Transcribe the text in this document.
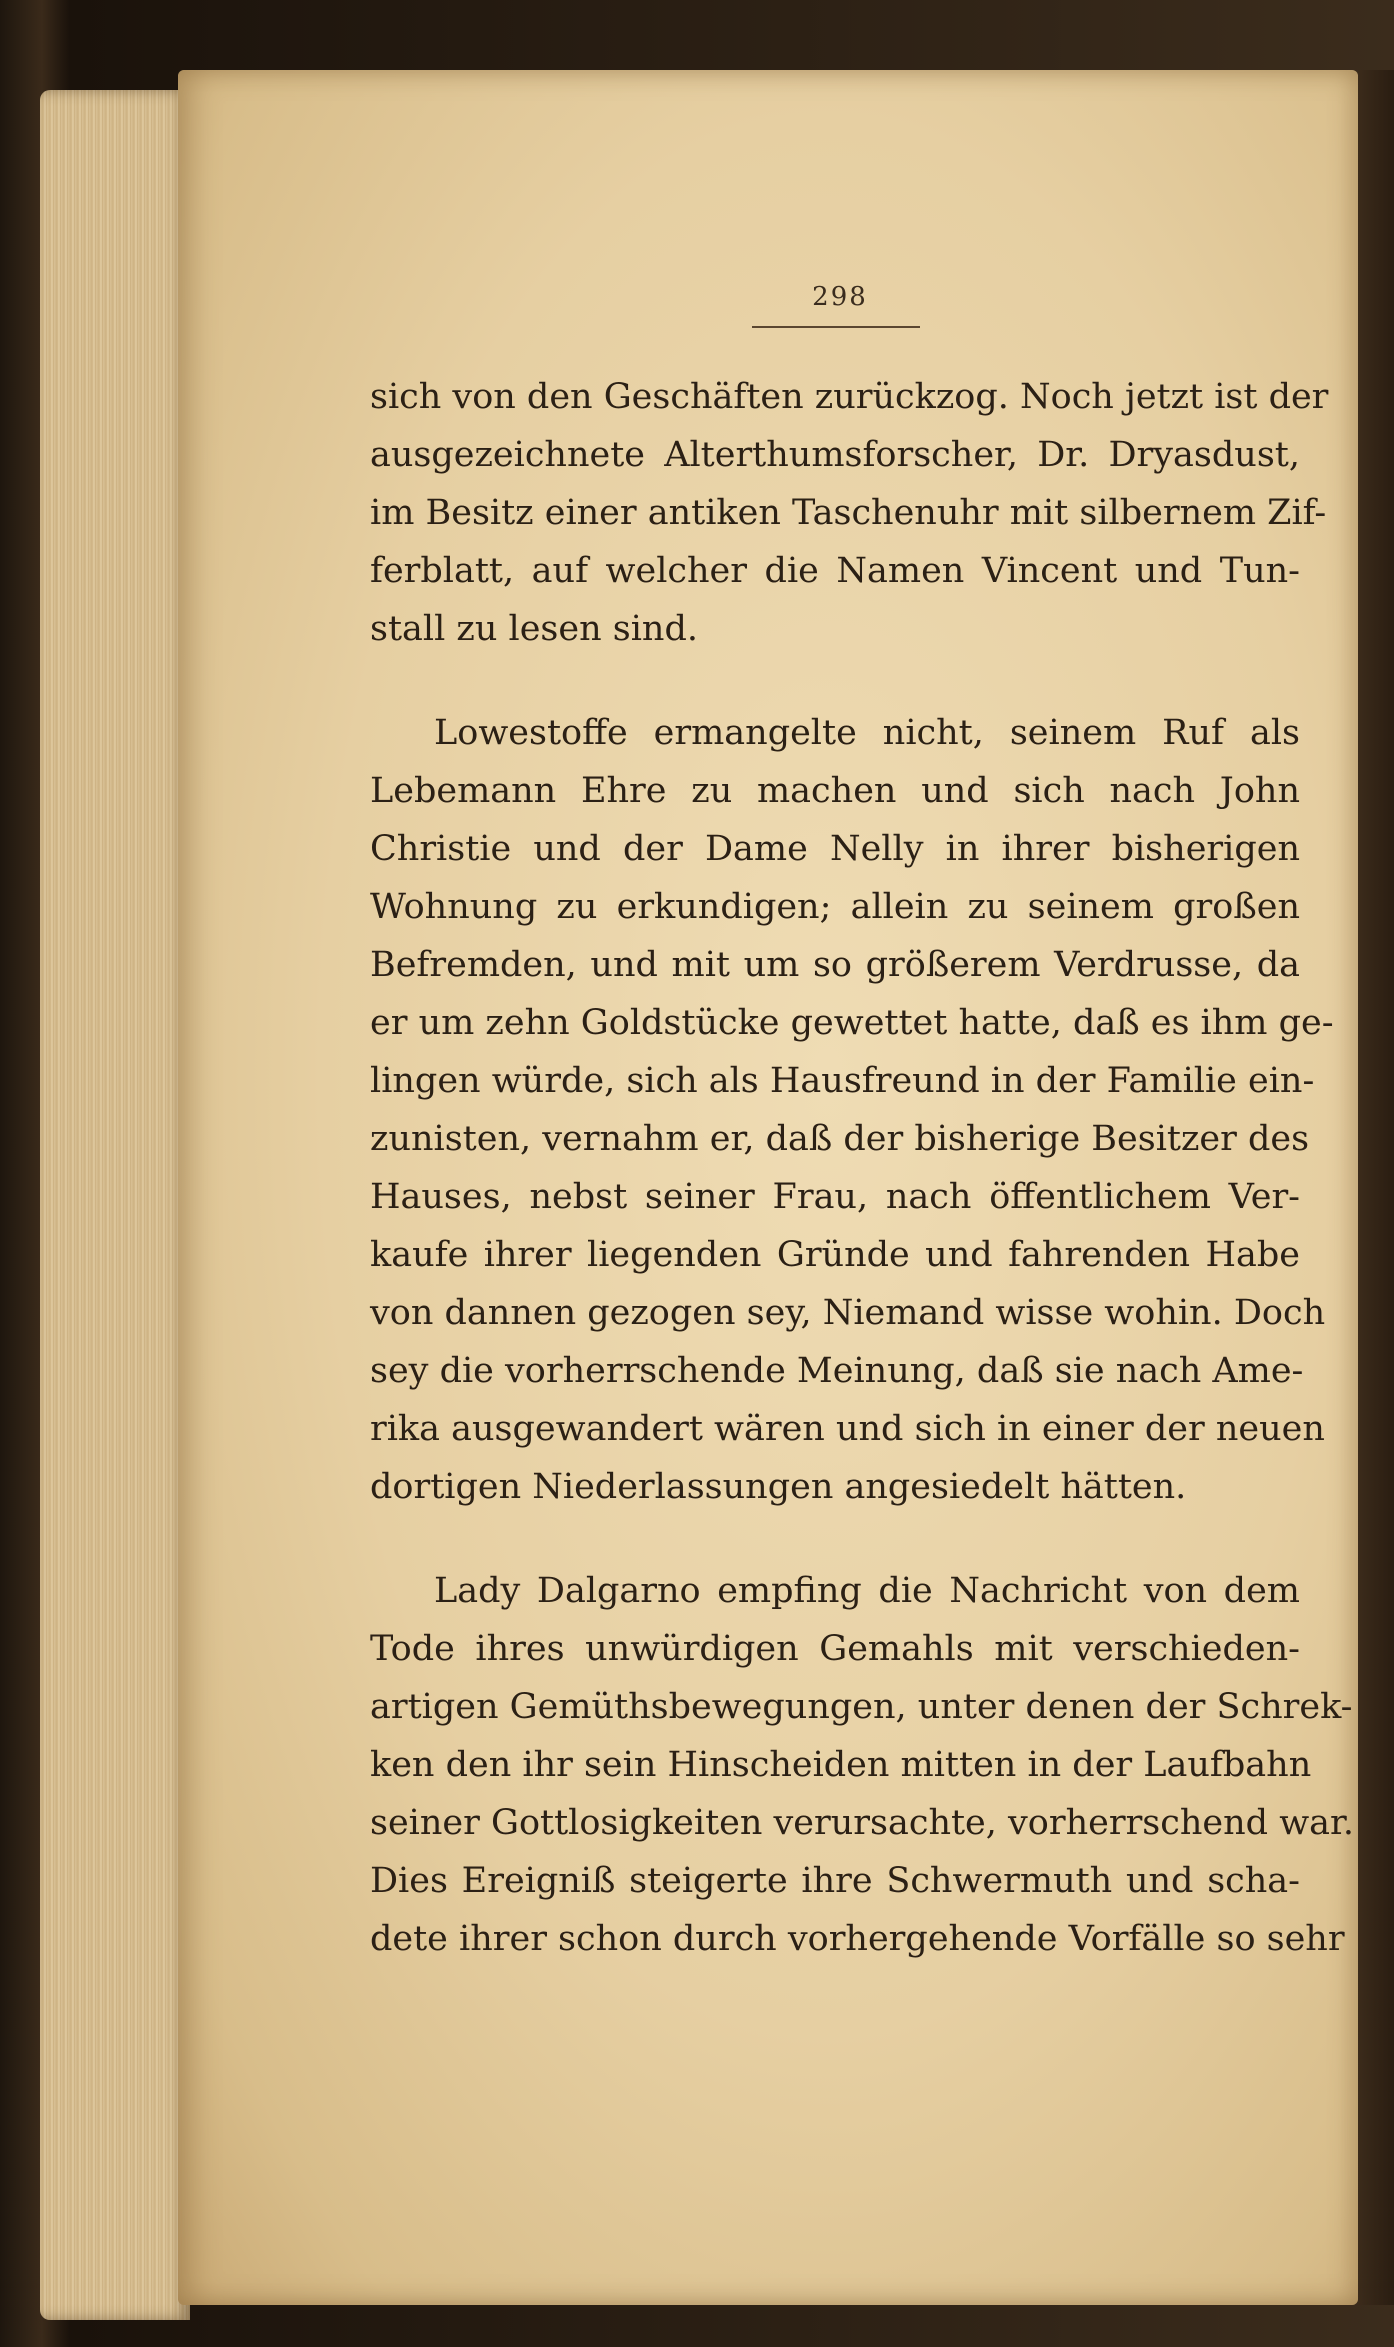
298

sich von den Geschäften zurückzog. Noch jetzt ist der
ausgezeichnete Alterthumsforscher, Dr. Dryasdust,
im Besitz einer antiken Taschenuhr mit silbernem Zif-
ferblatt, auf welcher die Namen Vincent und Tun-
stall zu lesen sind.

Lowestoffe ermangelte nicht, seinem Ruf als
Lebemann Ehre zu machen und sich nach John
Christie und der Dame Nelly in ihrer bisherigen
Wohnung zu erkundigen; allein zu seinem großen
Befremden, und mit um so größerem Verdrusse, da
er um zehn Goldstücke gewettet hatte, daß es ihm ge-
lingen würde, sich als Hausfreund in der Familie ein-
zunisten, vernahm er, daß der bisherige Besitzer des
Hauses, nebst seiner Frau, nach öffentlichem Ver-
kaufe ihrer liegenden Gründe und fahrenden Habe
von dannen gezogen sey, Niemand wisse wohin. Doch
sey die vorherrschende Meinung, daß sie nach Ame-
rika ausgewandert wären und sich in einer der neuen
dortigen Niederlassungen angesiedelt hätten.

Lady Dalgarno empfing die Nachricht von dem
Tode ihres unwürdigen Gemahls mit verschieden-
artigen Gemüthsbewegungen, unter denen der Schrek-
ken den ihr sein Hinscheiden mitten in der Laufbahn
seiner Gottlosigkeiten verursachte, vorherrschend war.
Dies Ereigniß steigerte ihre Schwermuth und scha-
dete ihrer schon durch vorhergehende Vorfälle so sehr
